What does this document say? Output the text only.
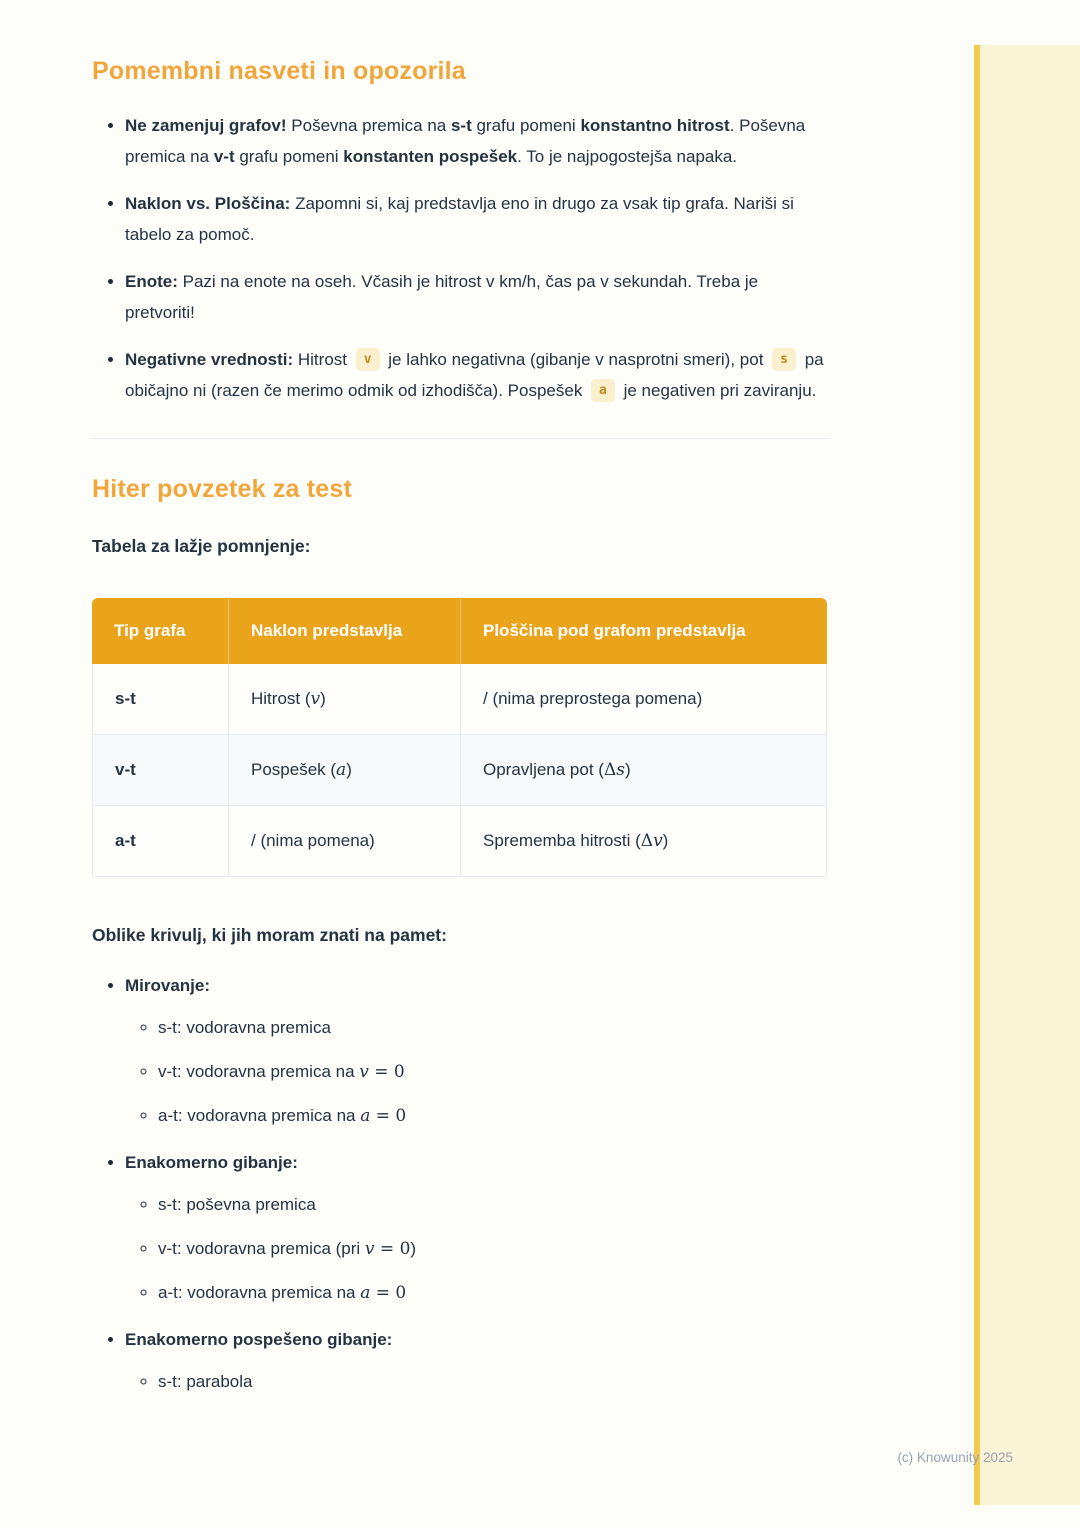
Pomembni nasveti in opozorila
• Ne zamenjuj grafov! Poševna premica na s-t grafu pomeni konstantno hitrost. Poševna premica na v-t grafu pomeni konstanten pospešek. To je najpogostejša napaka.
• Naklon vs. Ploščina: Zapomni si, kaj predstavlja eno in drugo za vsak tip grafa. Nariši si tabelo za pomoč.
• Enote: Pazi na enote na oseh. Včasih je hitrost v km/h, čas pa v sekundah. Treba je pretvoriti!
• Negativne vrednosti: Hitrost v je lahko negativna (gibanje v nasprotni smeri), pot s pa običajno ni (razen če merimo odmik od izhodišča). Pospešek a je negativen pri zaviranju.
Hiter povzetek za test

Tabela za lažje pomnjenje:

Tip grafa	Naklon predstavlja	Ploščina pod grafom predstavlja
s-t	Hitrost (v)	/ (nima preprostega pomena)
v-t	Pospešek (a)	Opravljena pot (Δs)
a-t	/ (nima pomena)	Sprememba hitrosti (Δv)

Oblike krivulj, ki jih moram znati na pamet:

• Mirovanje:
◦ s-t: vodoravna premica
◦ v-t: vodoravna premica na v = 0
◦ a-t: vodoravna premica na a = 0
• Enakomerno gibanje:
◦ s-t: poševna premica
◦ v-t: vodoravna premica (pri v = 0)
◦ a-t: vodoravna premica na a = 0
• Enakomerno pospešeno gibanje:
◦ s-t: parabola
(c) Knowunity 2025
